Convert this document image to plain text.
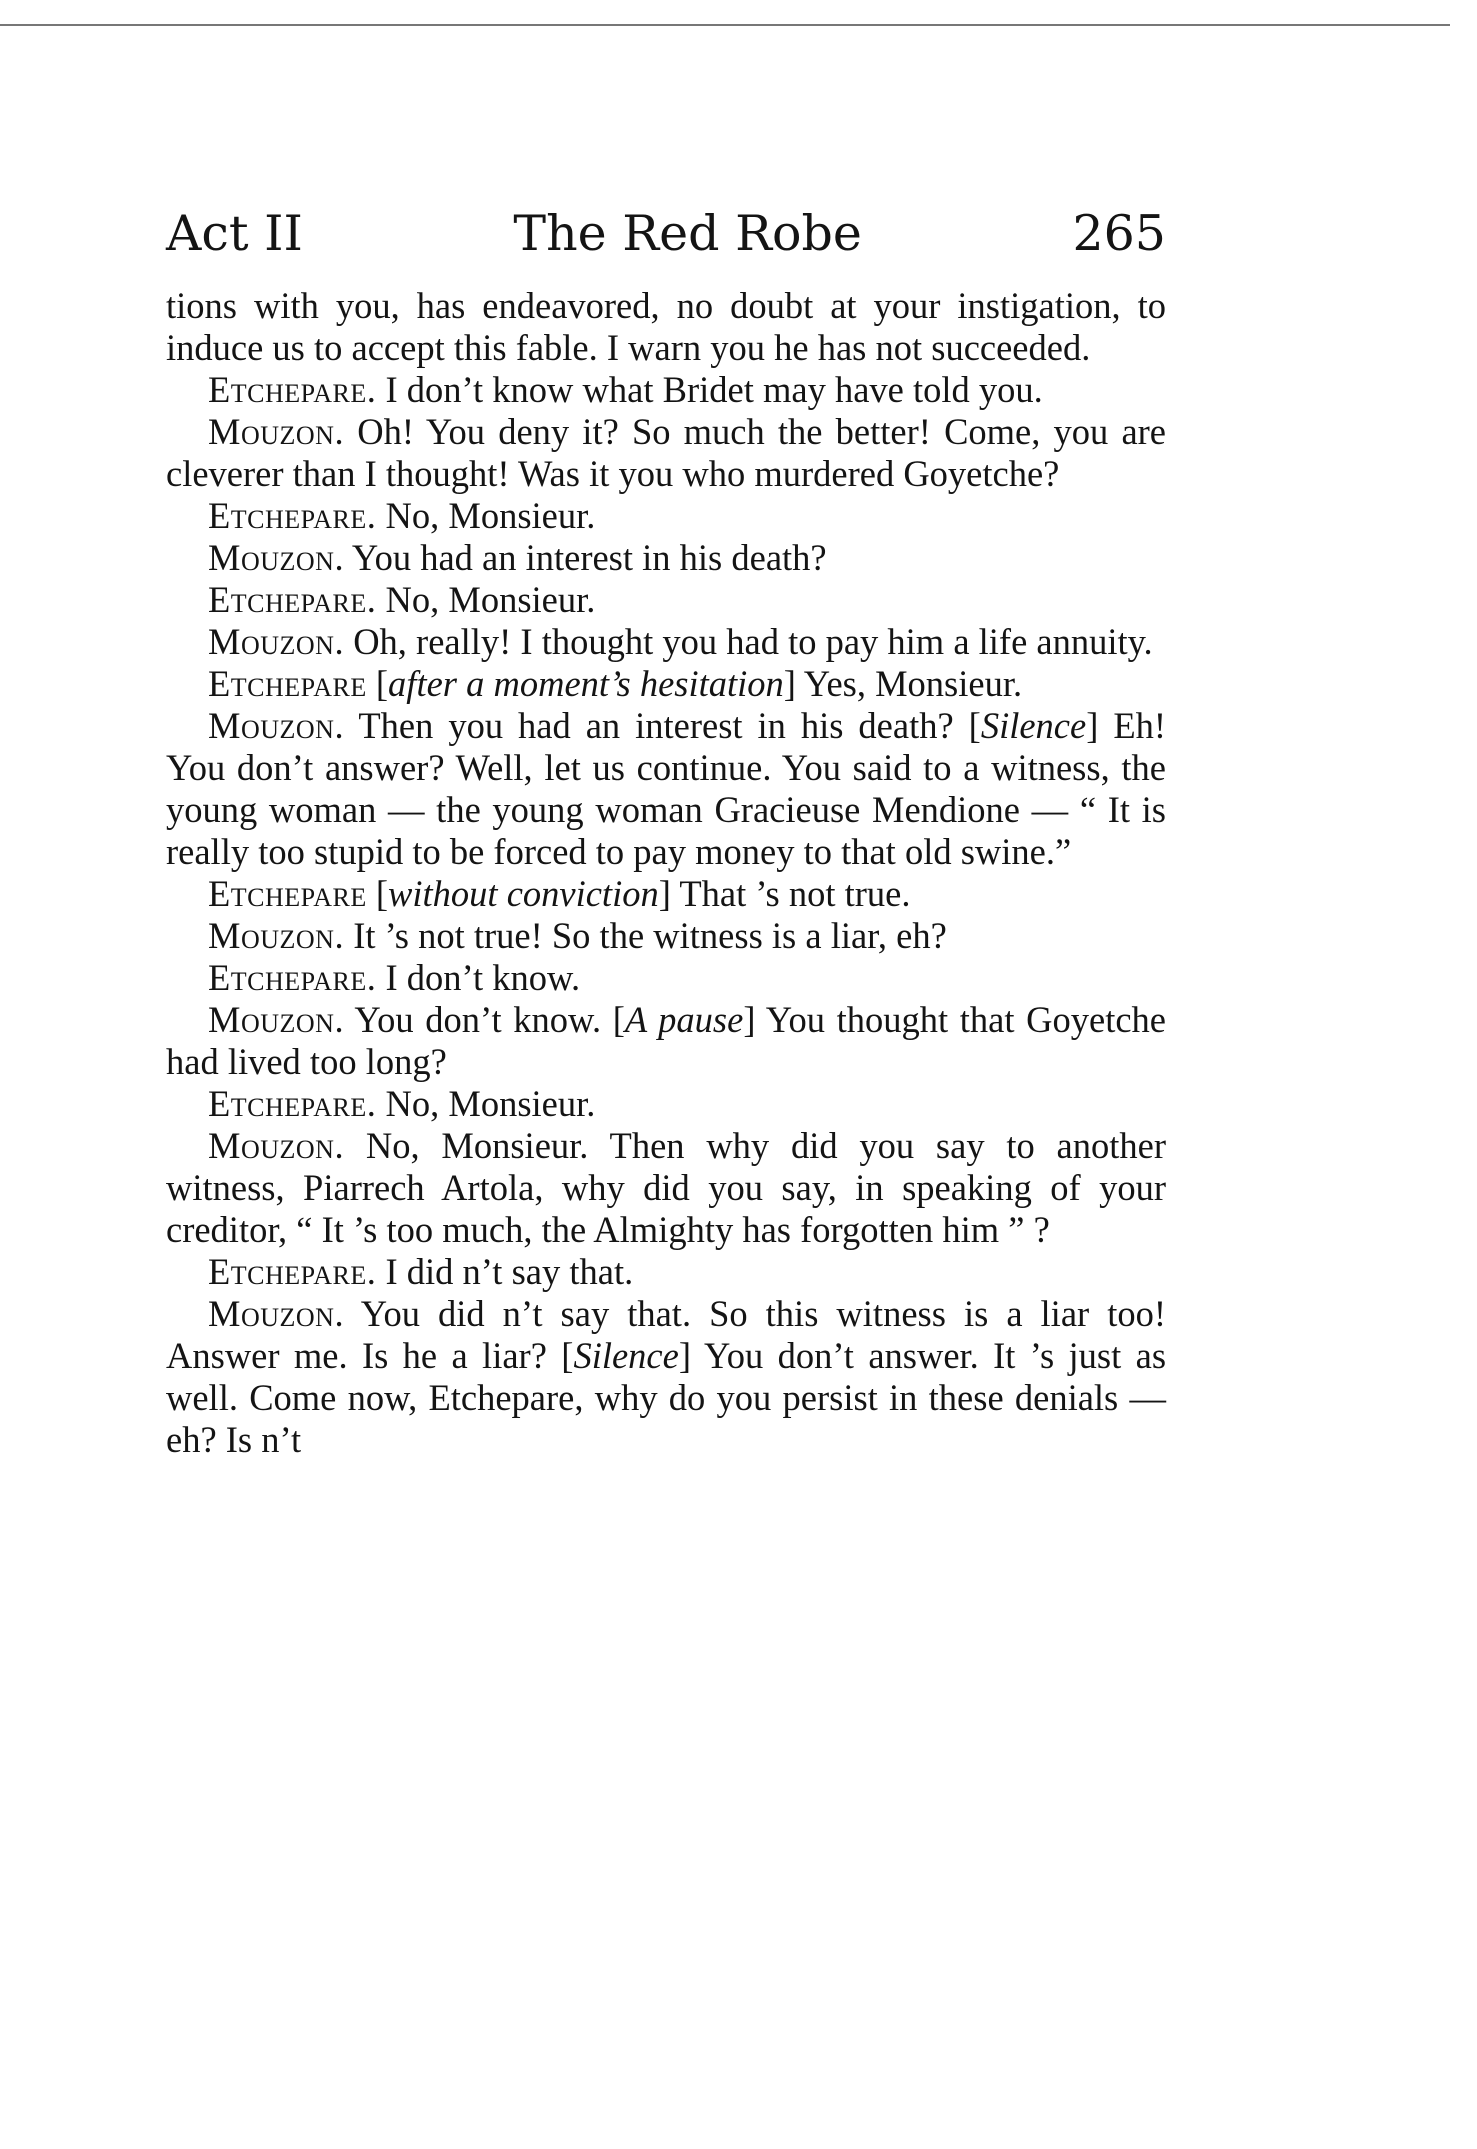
Act II	The Red Robe	265

tions with you, has endeavored, no doubt at your instigation, to induce us to accept this fable. I warn you he has not succeeded.

Etchepare. I don’t know what Bridet may have told you.

Mouzon. Oh! You deny it? So much the better! Come, you are cleverer than I thought! Was it you who murdered Goyetche?

Etchepare. No, Monsieur.

Mouzon. You had an interest in his death?

Etchepare. No, Monsieur.

Mouzon. Oh, really! I thought you had to pay him a life annuity.

Etchepare [after a moment’s hesitation] Yes, Monsieur.

Mouzon. Then you had an interest in his death? [Silence] Eh! You don’t answer? Well, let us continue. You said to a witness, the young woman — the young woman Gracieuse Mendione — “ It is really too stupid to be forced to pay money to that old swine.”

Etchepare [without conviction] That ’s not true.

Mouzon. It ’s not true! So the witness is a liar, eh?

Etchepare. I don’t know.

Mouzon. You don’t know. [A pause] You thought that Goyetche had lived too long?

Etchepare. No, Monsieur.

Mouzon. No, Monsieur. Then why did you say to another witness, Piarrech Artola, why did you say, in speaking of your creditor, “ It ’s too much, the Almighty has forgotten him ” ?

Etchepare. I did n’t say that.

Mouzon. You did n’t say that. So this witness is a liar too! Answer me. Is he a liar? [Silence] You don’t answer. It ’s just as well. Come now, Etchepare, why do you persist in these denials — eh? Is n’t
